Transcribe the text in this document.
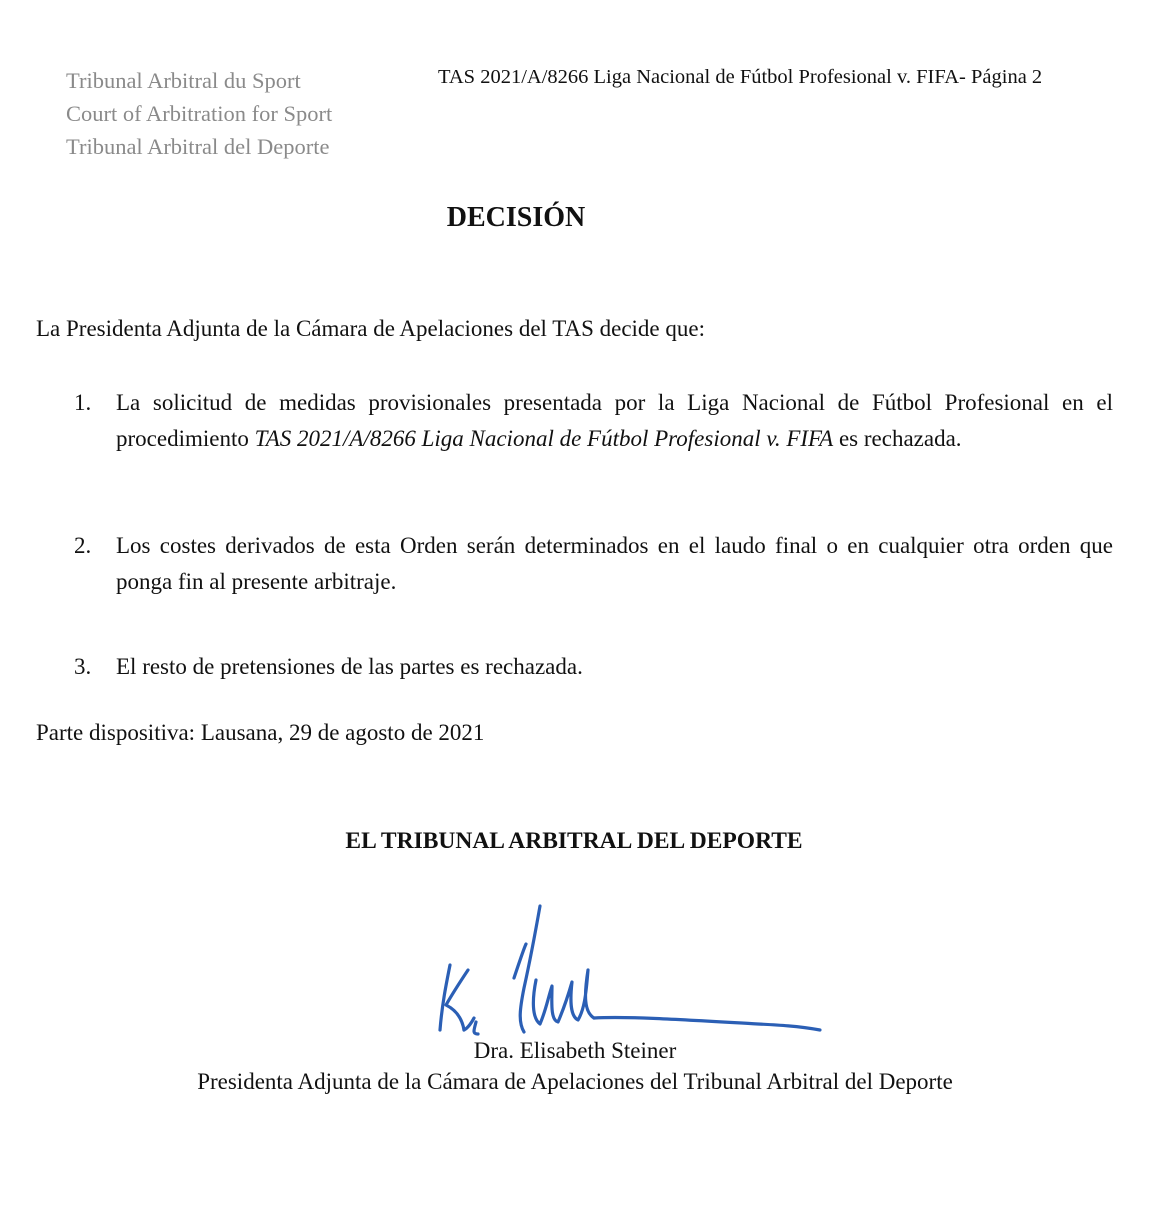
Tribunal Arbitral du Sport
Court of Arbitration for Sport
Tribunal Arbitral del Deporte
TAS 2021/A/8266 Liga Nacional de Fútbol Profesional v. FIFA- Página 2
DECISIÓN
La Presidenta Adjunta de la Cámara de Apelaciones del TAS decide que:
1.	La solicitud de medidas provisionales presentada por la Liga Nacional de Fútbol Profesional en el procedimiento TAS 2021/A/8266 Liga Nacional de Fútbol Profesional v. FIFA es rechazada.
2.	Los costes derivados de esta Orden serán determinados en el laudo final o en cualquier otra orden que ponga fin al presente arbitraje.
3.	El resto de pretensiones de las partes es rechazada.
Parte dispositiva: Lausana, 29 de agosto de 2021
EL TRIBUNAL ARBITRAL DEL DEPORTE
Dra. Elisabeth Steiner
Presidenta Adjunta de la Cámara de Apelaciones del Tribunal Arbitral del Deporte
